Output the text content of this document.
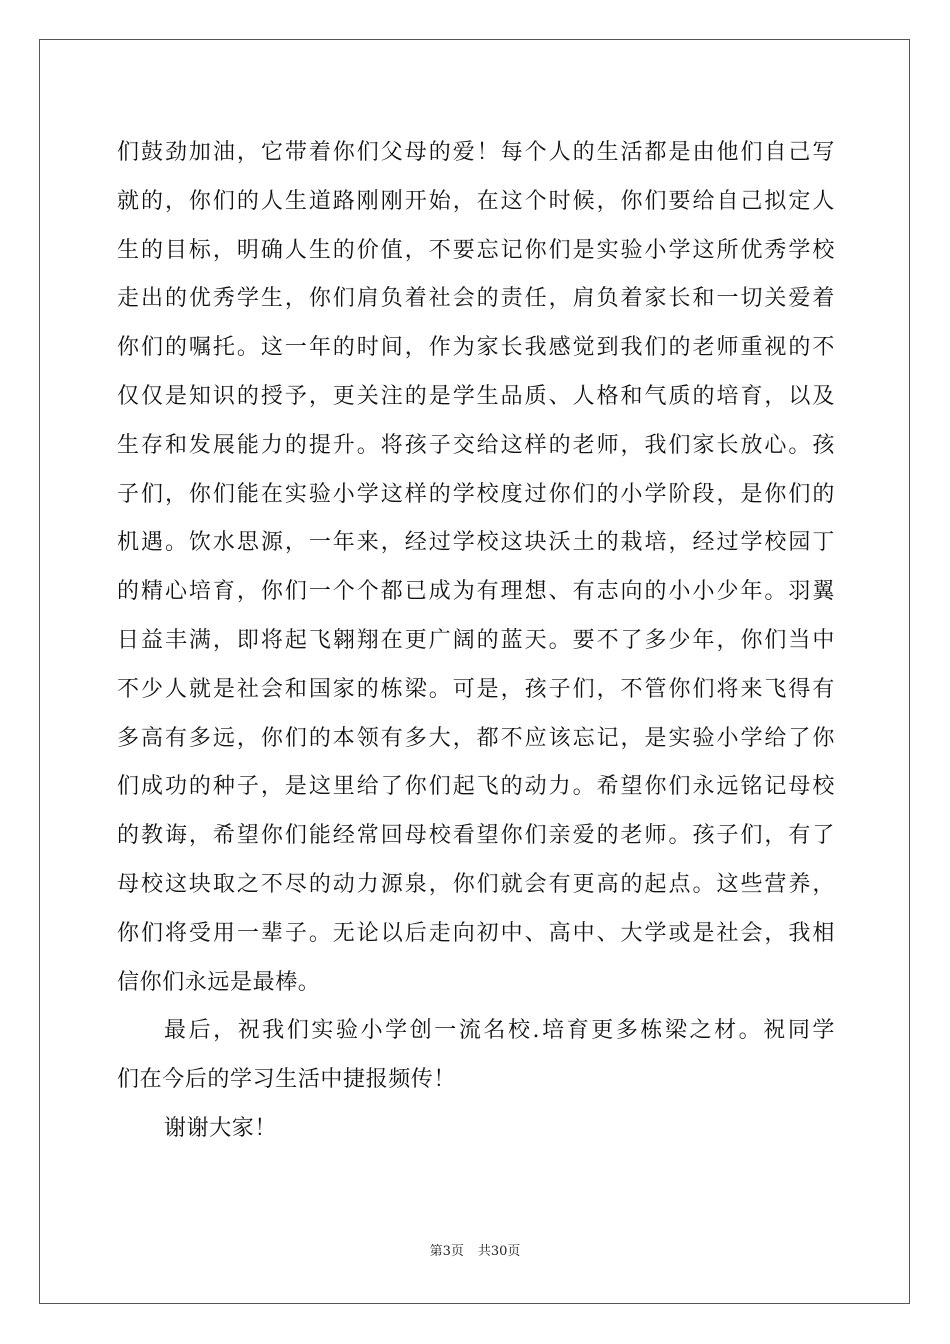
们鼓劲加油，它带着你们父母的爱！每个人的生活都是由他们自己写
就的，你们的人生道路刚刚开始，在这个时候，你们要给自己拟定人
生的目标，明确人生的价值，不要忘记你们是实验小学这所优秀学校
走出的优秀学生，你们肩负着社会的责任，肩负着家长和一切关爱着
你们的嘱托。这一年的时间，作为家长我感觉到我们的老师重视的不
仅仅是知识的授予，更关注的是学生品质、人格和气质的培育，以及
生存和发展能力的提升。将孩子交给这样的老师，我们家长放心。孩
子们，你们能在实验小学这样的学校度过你们的小学阶段，是你们的
机遇。饮水思源，一年来，经过学校这块沃土的栽培，经过学校园丁
的精心培育，你们一个个都已成为有理想、有志向的小小少年。羽翼
日益丰满，即将起飞翱翔在更广阔的蓝天。要不了多少年，你们当中
不少人就是社会和国家的栋梁。可是，孩子们，不管你们将来飞得有
多高有多远，你们的本领有多大，都不应该忘记，是实验小学给了你
们成功的种子，是这里给了你们起飞的动力。希望你们永远铭记母校
的教诲，希望你们能经常回母校看望你们亲爱的老师。孩子们，有了
母校这块取之不尽的动力源泉，你们就会有更高的起点。这些营养，
你们将受用一辈子。无论以后走向初中、高中、大学或是社会，我相
信你们永远是最棒。
最后，祝我们实验小学创一流名校.培育更多栋梁之材。祝同学
们在今后的学习生活中捷报频传！
谢谢大家！
第3页 共30页
